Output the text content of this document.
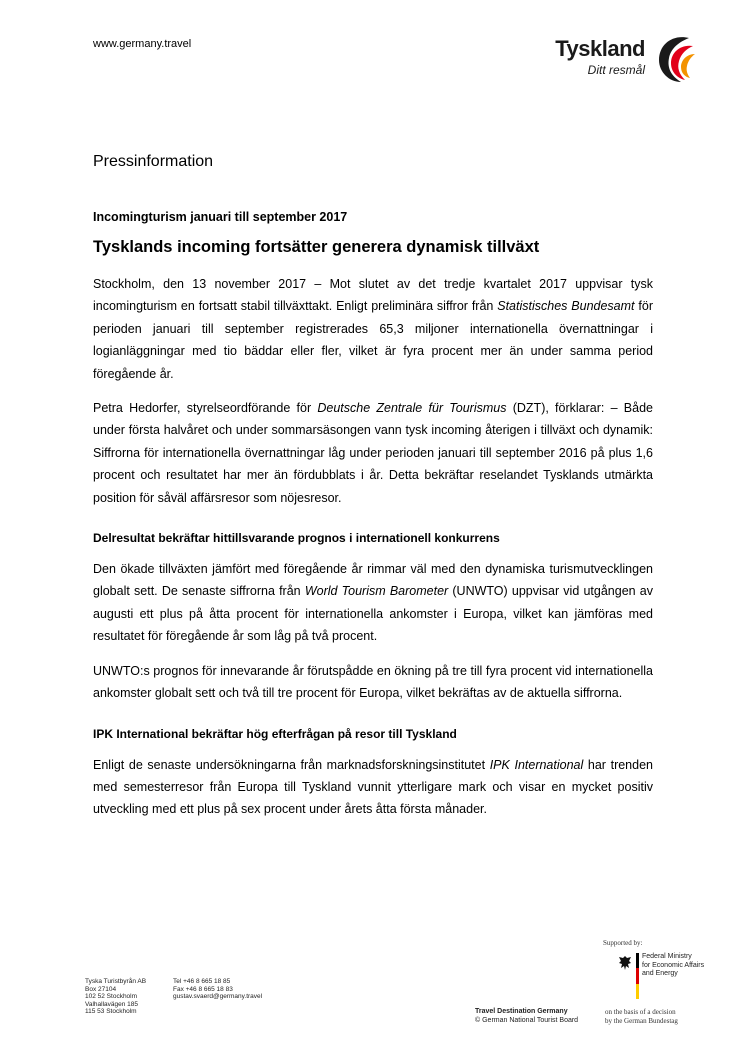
www.germany.travel	Tyskland
Ditt resmål
Pressinformation
Incomingturism januari till september 2017
Tysklands incoming fortsätter generera dynamisk tillväxt

Stockholm, den 13 november 2017 – Mot slutet av det tredje kvartalet 2017 uppvisar tysk incomingturism en fortsatt stabil tillväxttakt. Enligt preliminära siffror från Statistisches Bundesamt för perioden januari till september registrerades 65,3 miljoner internationella övernattningar i logianläggningar med tio bäddar eller fler, vilket är fyra procent mer än under samma period föregående år.

Petra Hedorfer, styrelseordförande för Deutsche Zentrale für Tourismus (DZT), förklarar: – Både under första halvåret och under sommarsäsongen vann tysk incoming återigen i tillväxt och dynamik: Siffrorna för internationella övernattningar låg under perioden januari till september 2016 på plus 1,6 procent och resultatet har mer än fördubblats i år. Detta bekräftar reselandet Tysklands utmärkta position för såväl affärsresor som nöjesresor.

Delresultat bekräftar hittillsvarande prognos i internationell konkurrens

Den ökade tillväxten jämfört med föregående år rimmar väl med den dynamiska turismutvecklingen globalt sett. De senaste siffrorna från World Tourism Barometer (UNWTO) uppvisar vid utgången av augusti ett plus på åtta procent för internationella ankomster i Europa, vilket kan jämföras med resultatet för föregående år som låg på två procent.

UNWTO:s prognos för innevarande år förutspådde en ökning på tre till fyra procent vid internationella ankomster globalt sett och två till tre procent för Europa, vilket bekräftas av de aktuella siffrorna.

IPK International bekräftar hög efterfrågan på resor till Tyskland

Enligt de senaste undersökningarna från marknadsforskningsinstitutet IPK International har trenden med semesterresor från Europa till Tyskland vunnit ytterligare mark och visar en mycket positiv utveckling med ett plus på sex procent under årets åtta första månader.

Supported by:
Federal Ministry
for Economic Affairs
and Energy
on the basis of a decision
by the German Bundestag
Tyska Turistbyrån AB
Box 27104
102 52 Stockholm
Valhallavägen 185
115 53 Stockholm
Tel +46 8 665 18 85
Fax +46 8 665 18 83
gustav.svaerd@germany.travel
Travel Destination Germany
© German National Tourist Board
